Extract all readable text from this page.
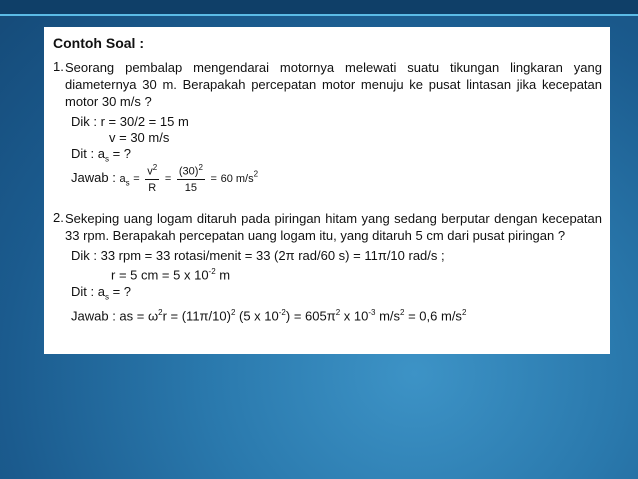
Contoh Soal :
1. Seorang pembalap mengendarai motornya melewati suatu tikungan lingkaran yang diameternya 30 m. Berapakah percepatan motor menuju ke pusat lintasan jika kecepatan motor 30 m/s ?
Dik : r = 30/2 = 15 m
v = 30 m/s
Dit : $a_s$ = ?
Jawab : $a_s = \frac{v^2}{R} = \frac{(30)^2}{15} = 60$ $m/s^2$
2. Sekeping uang logam ditaruh pada piringan hitam yang sedang berputar dengan kecepatan 33 rpm. Berapakah percepatan uang logam itu, yang ditaruh 5 cm dari pusat piringan ?
Dik : 33 rpm = 33 rotasi/menit = 33 (2π rad/60 s) = 11π/10 rad/s ;
r = 5 cm = 5 x $10^{-2}$ m
Dit : $a_s$ = ?
Jawab : as = $\omega^2r = (11\pi/10)^2$ (5 x $10^{-2}) = 605\pi^2$ x $10^{-3}$ $m/s^2 = 0,6$ $m/s^2$
